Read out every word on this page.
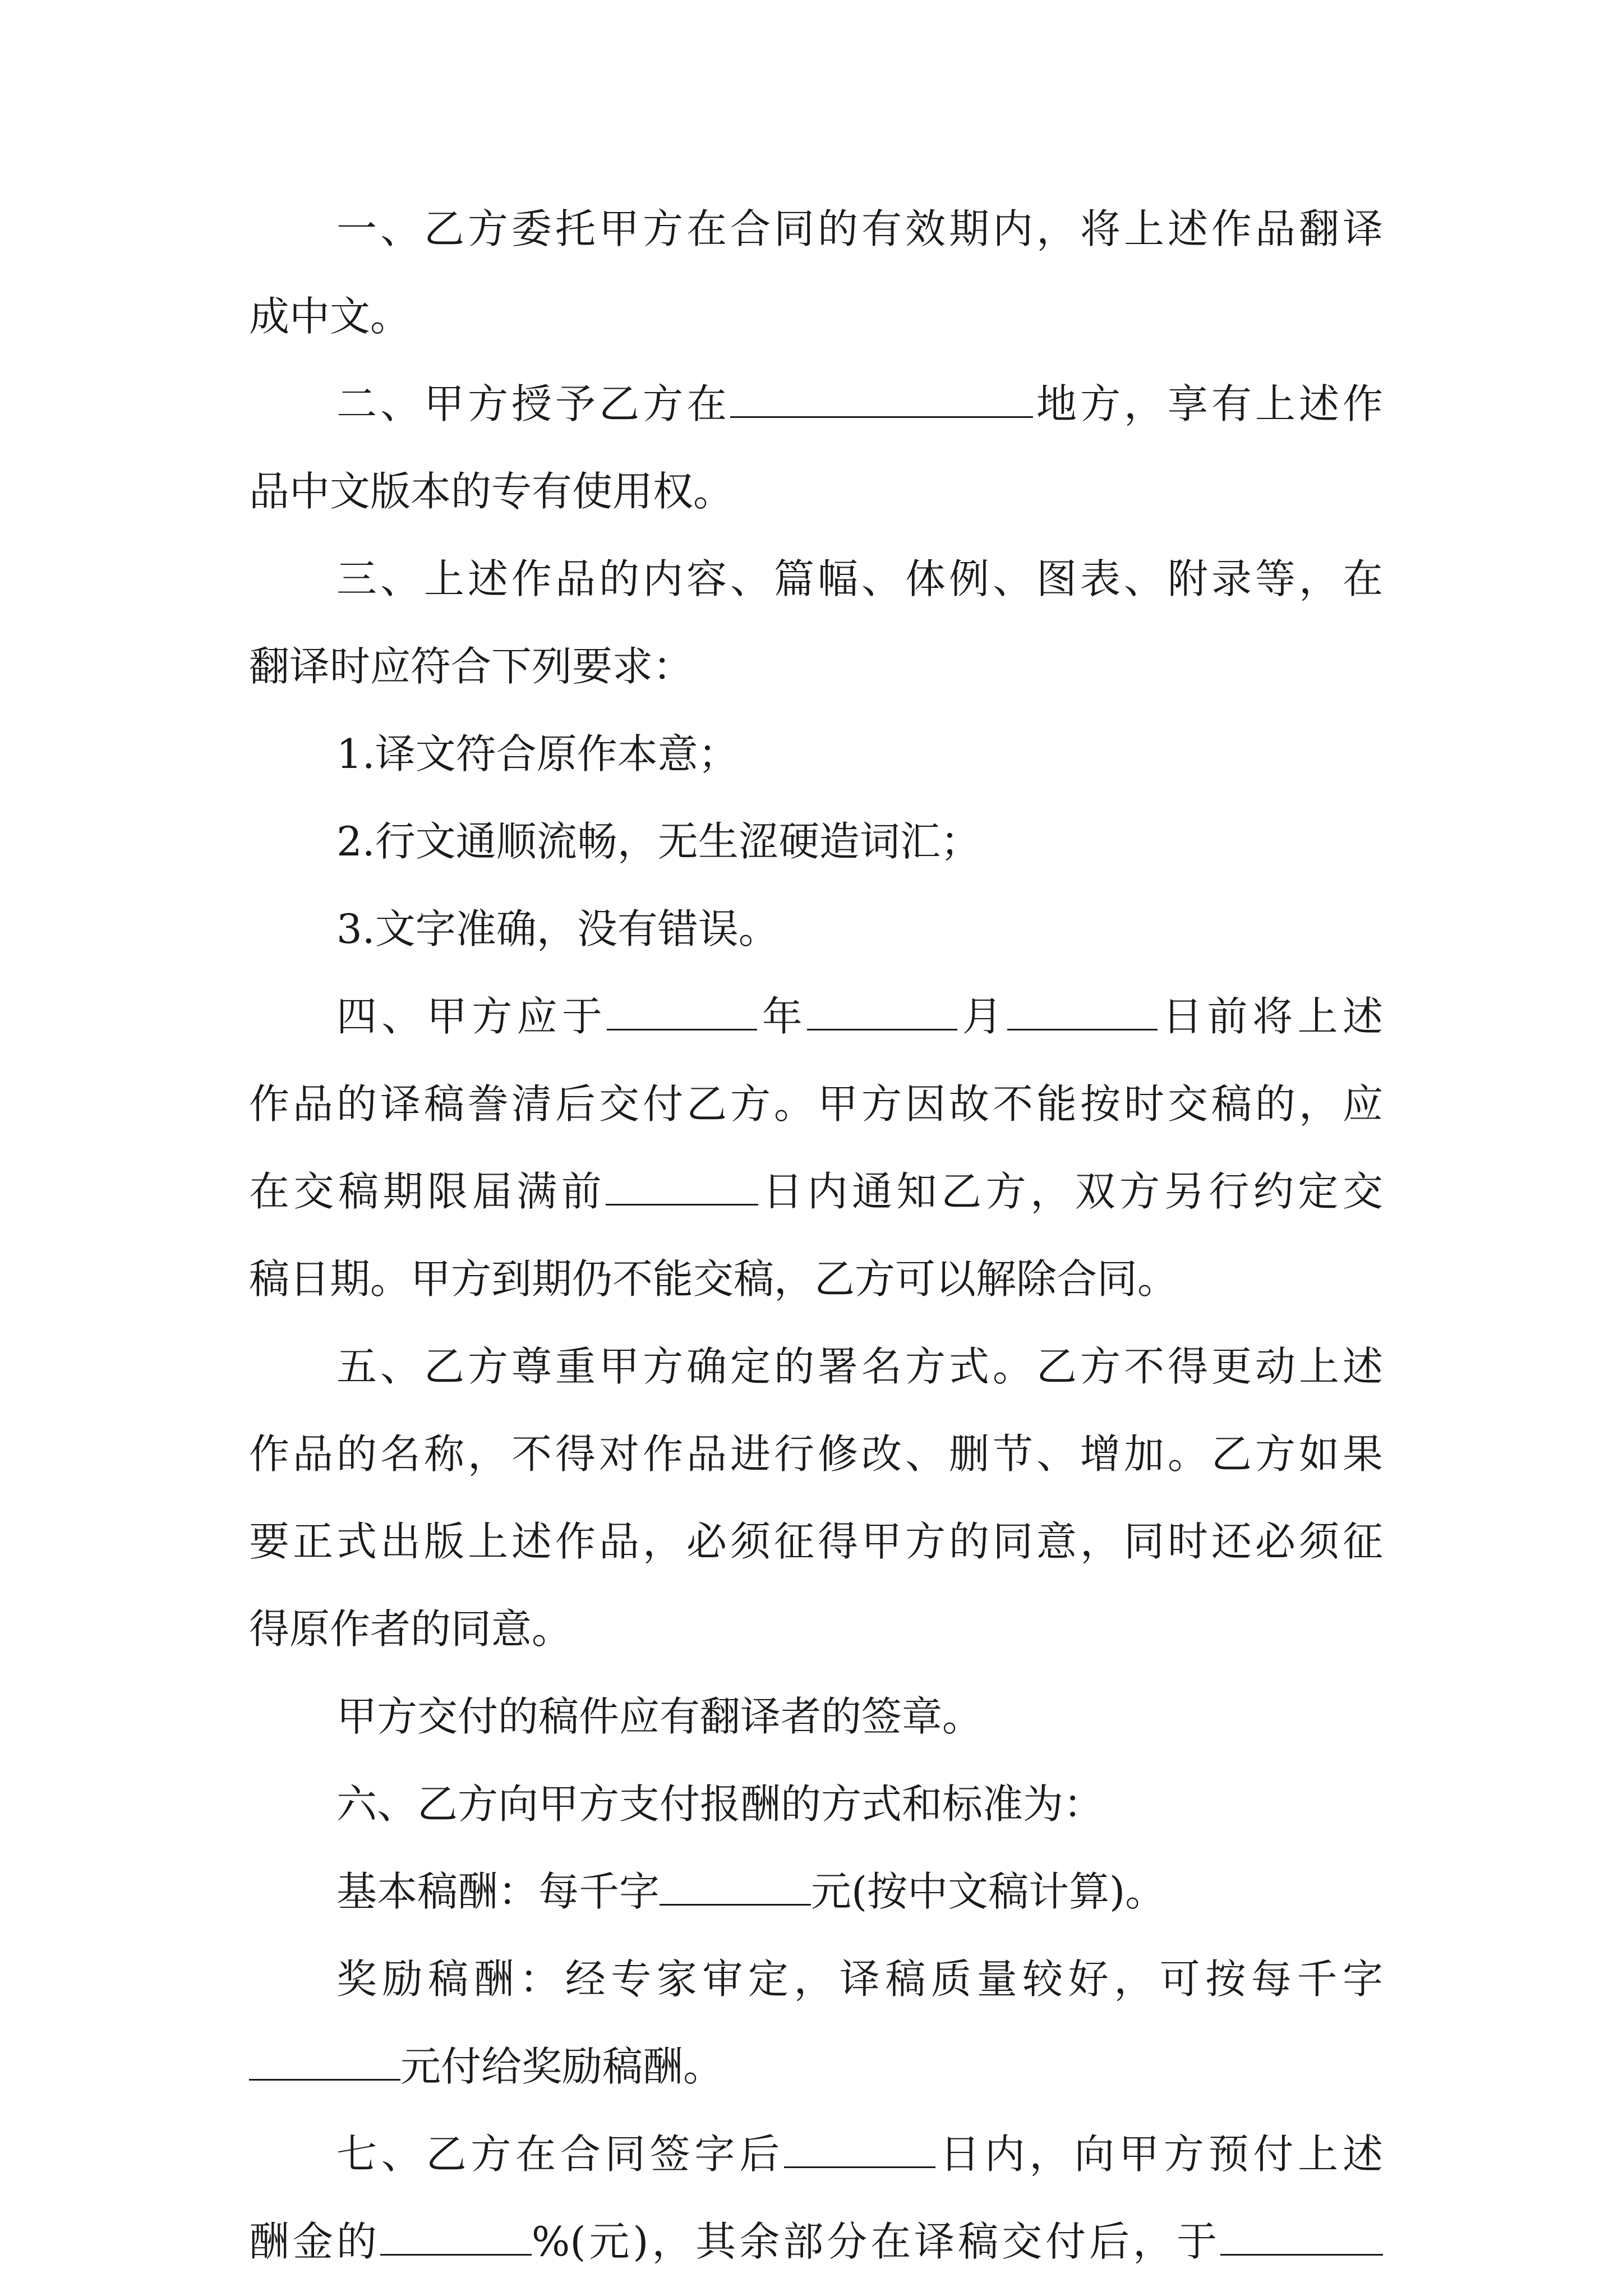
一、乙方委托甲方在合同的有效期内，将上述作品翻译
成中文。
二、甲方授予乙方在	地方，享有上述作
品中文版本的专有使用权。
三、上述作品的内容、篇幅、体例、图表、附录等，在
翻译时应符合下列要求：
1.译文符合原作本意；
2.行文通顺流畅，无生涩硬造词汇；
3.文字准确，没有错误。
四、甲方应于	年	月	日前将上述
作品的译稿誊清后交付乙方。甲方因故不能按时交稿的，应
在交稿期限届满前	日内通知乙方，双方另行约定交
稿日期。甲方到期仍不能交稿，乙方可以解除合同。
五、乙方尊重甲方确定的署名方式。乙方不得更动上述
作品的名称，不得对作品进行修改、删节、增加。乙方如果
要正式出版上述作品，必须征得甲方的同意，同时还必须征
得原作者的同意。
甲方交付的稿件应有翻译者的签章。
六、乙方向甲方支付报酬的方式和标准为：
基本稿酬：每千字	元(按中文稿计算)。
奖励稿酬：经专家审定，译稿质量较好，可按每千字
元付给奖励稿酬。
七、乙方在合同签字后	日内，向甲方预付上述
酬金的	%(元)，其余部分在译稿交付后，于
